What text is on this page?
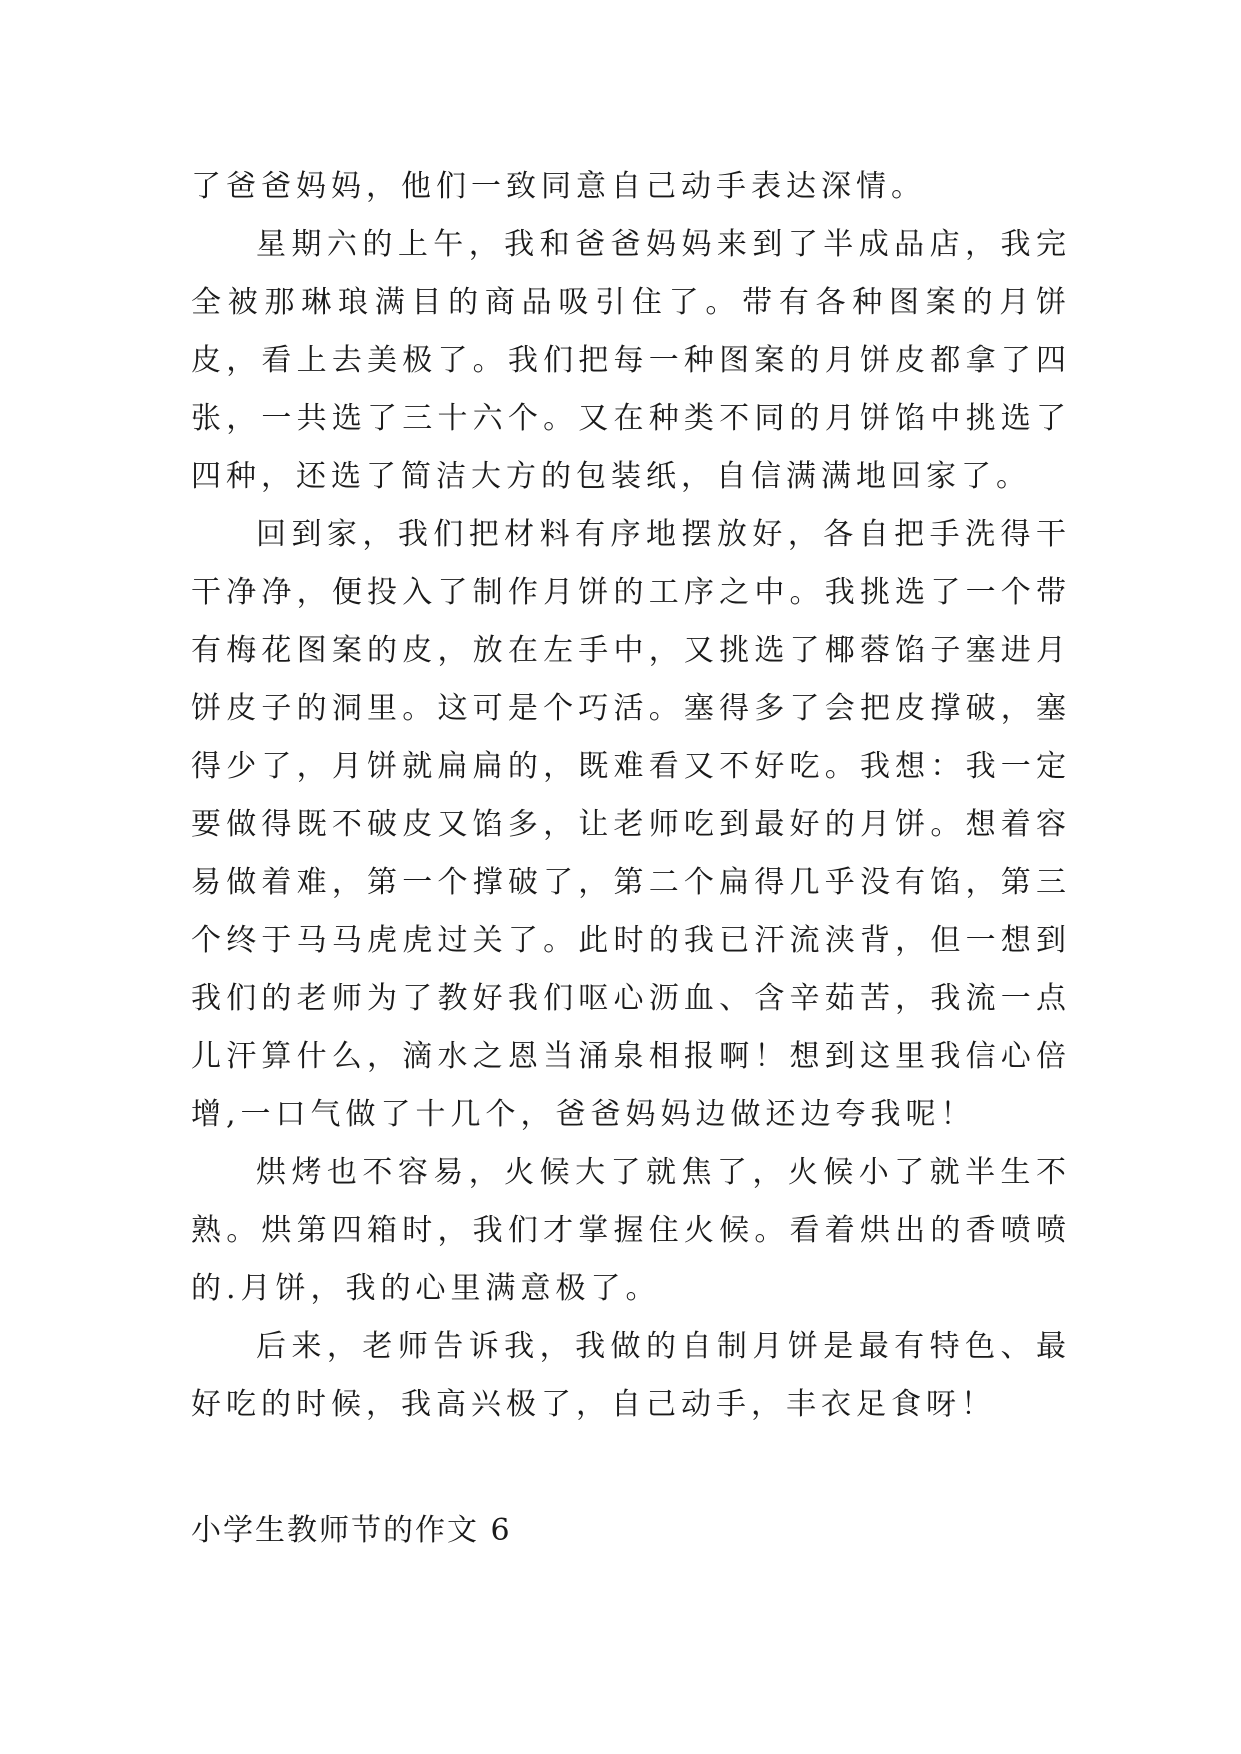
了爸爸妈妈，他们一致同意自己动手表达深情。

星期六的上午，我和爸爸妈妈来到了半成品店，我完全被那琳琅满目的商品吸引住了。带有各种图案的月饼皮，看上去美极了。我们把每一种图案的月饼皮都拿了四张，一共选了三十六个。又在种类不同的月饼馅中挑选了四种，还选了简洁大方的包装纸，自信满满地回家了。

回到家，我们把材料有序地摆放好，各自把手洗得干干净净，便投入了制作月饼的工序之中。我挑选了一个带有梅花图案的皮，放在左手中，又挑选了椰蓉馅子塞进月饼皮子的洞里。这可是个巧活。塞得多了会把皮撑破，塞得少了，月饼就扁扁的，既难看又不好吃。我想：我一定要做得既不破皮又馅多，让老师吃到最好的月饼。想着容易做着难，第一个撑破了，第二个扁得几乎没有馅，第三个终于马马虎虎过关了。此时的我已汗流浃背，但一想到我们的老师为了教好我们呕心沥血、含辛茹苦，我流一点儿汗算什么，滴水之恩当涌泉相报啊！想到这里我信心倍增,一口气做了十几个，爸爸妈妈边做还边夸我呢！

烘烤也不容易，火候大了就焦了，火候小了就半生不熟。烘第四箱时，我们才掌握住火候。看着烘出的香喷喷的.月饼，我的心里满意极了。

后来，老师告诉我，我做的自制月饼是最有特色、最好吃的时候，我高兴极了，自己动手，丰衣足食呀！

小学生教师节的作文 6
